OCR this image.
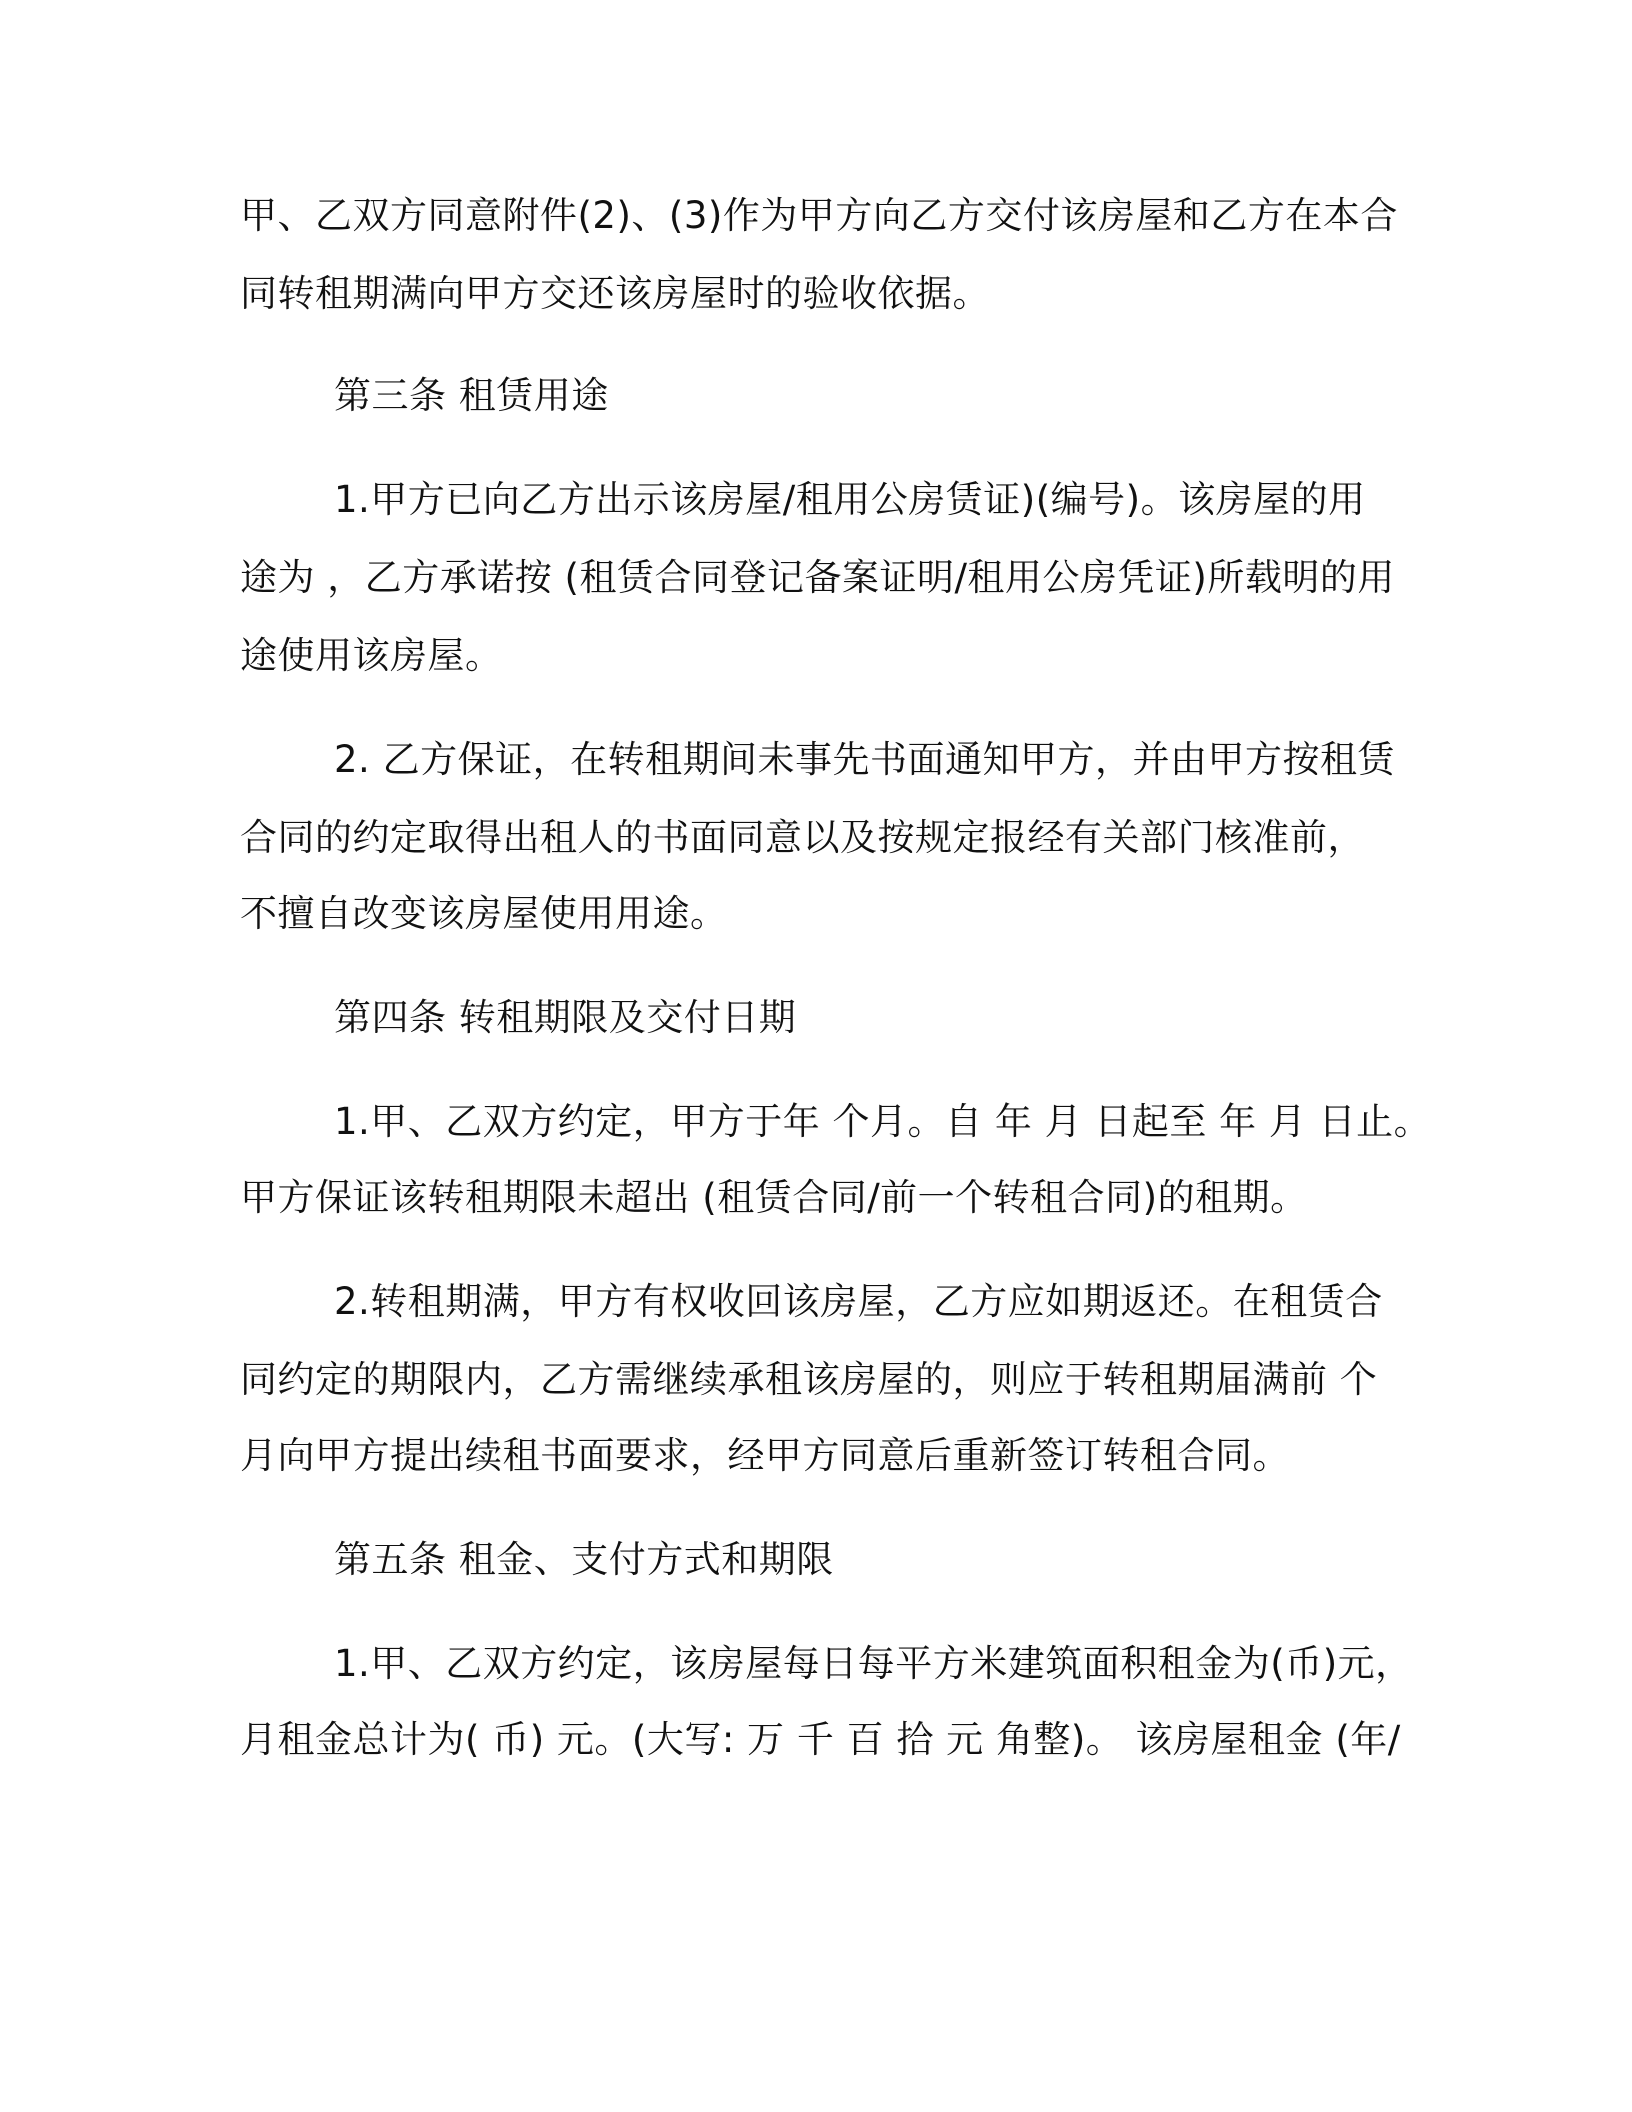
甲、乙双方同意附件(2)、(3)作为甲方向乙方交付该房屋和乙方在本合
同转租期满向甲方交还该房屋时的验收依据。
第三条 租赁用途
1.甲方已向乙方出示该房屋/租用公房赁证)(编号)。该房屋的用
途为 ，乙方承诺按 (租赁合同登记备案证明/租用公房凭证)所载明的用
途使用该房屋。
2. 乙方保证，在转租期间未事先书面通知甲方，并由甲方按租赁
合同的约定取得出租人的书面同意以及按规定报经有关部门核准前，
不擅自改变该房屋使用用途。
第四条 转租期限及交付日期
1.甲、乙双方约定，甲方于年 个月。自 年 月 日起至 年 月 日止。
甲方保证该转租期限未超出 (租赁合同/前一个转租合同)的租期。
2.转租期满，甲方有权收回该房屋，乙方应如期返还。在租赁合
同约定的期限内，乙方需继续承租该房屋的，则应于转租期届满前 个
月向甲方提出续租书面要求，经甲方同意后重新签订转租合同。
第五条 租金、支付方式和期限
1.甲、乙双方约定，该房屋每日每平方米建筑面积租金为(币)元，
月租金总计为( 币) 元。(大写: 万 千 百 拾 元 角整)。 该房屋租金 (年/
